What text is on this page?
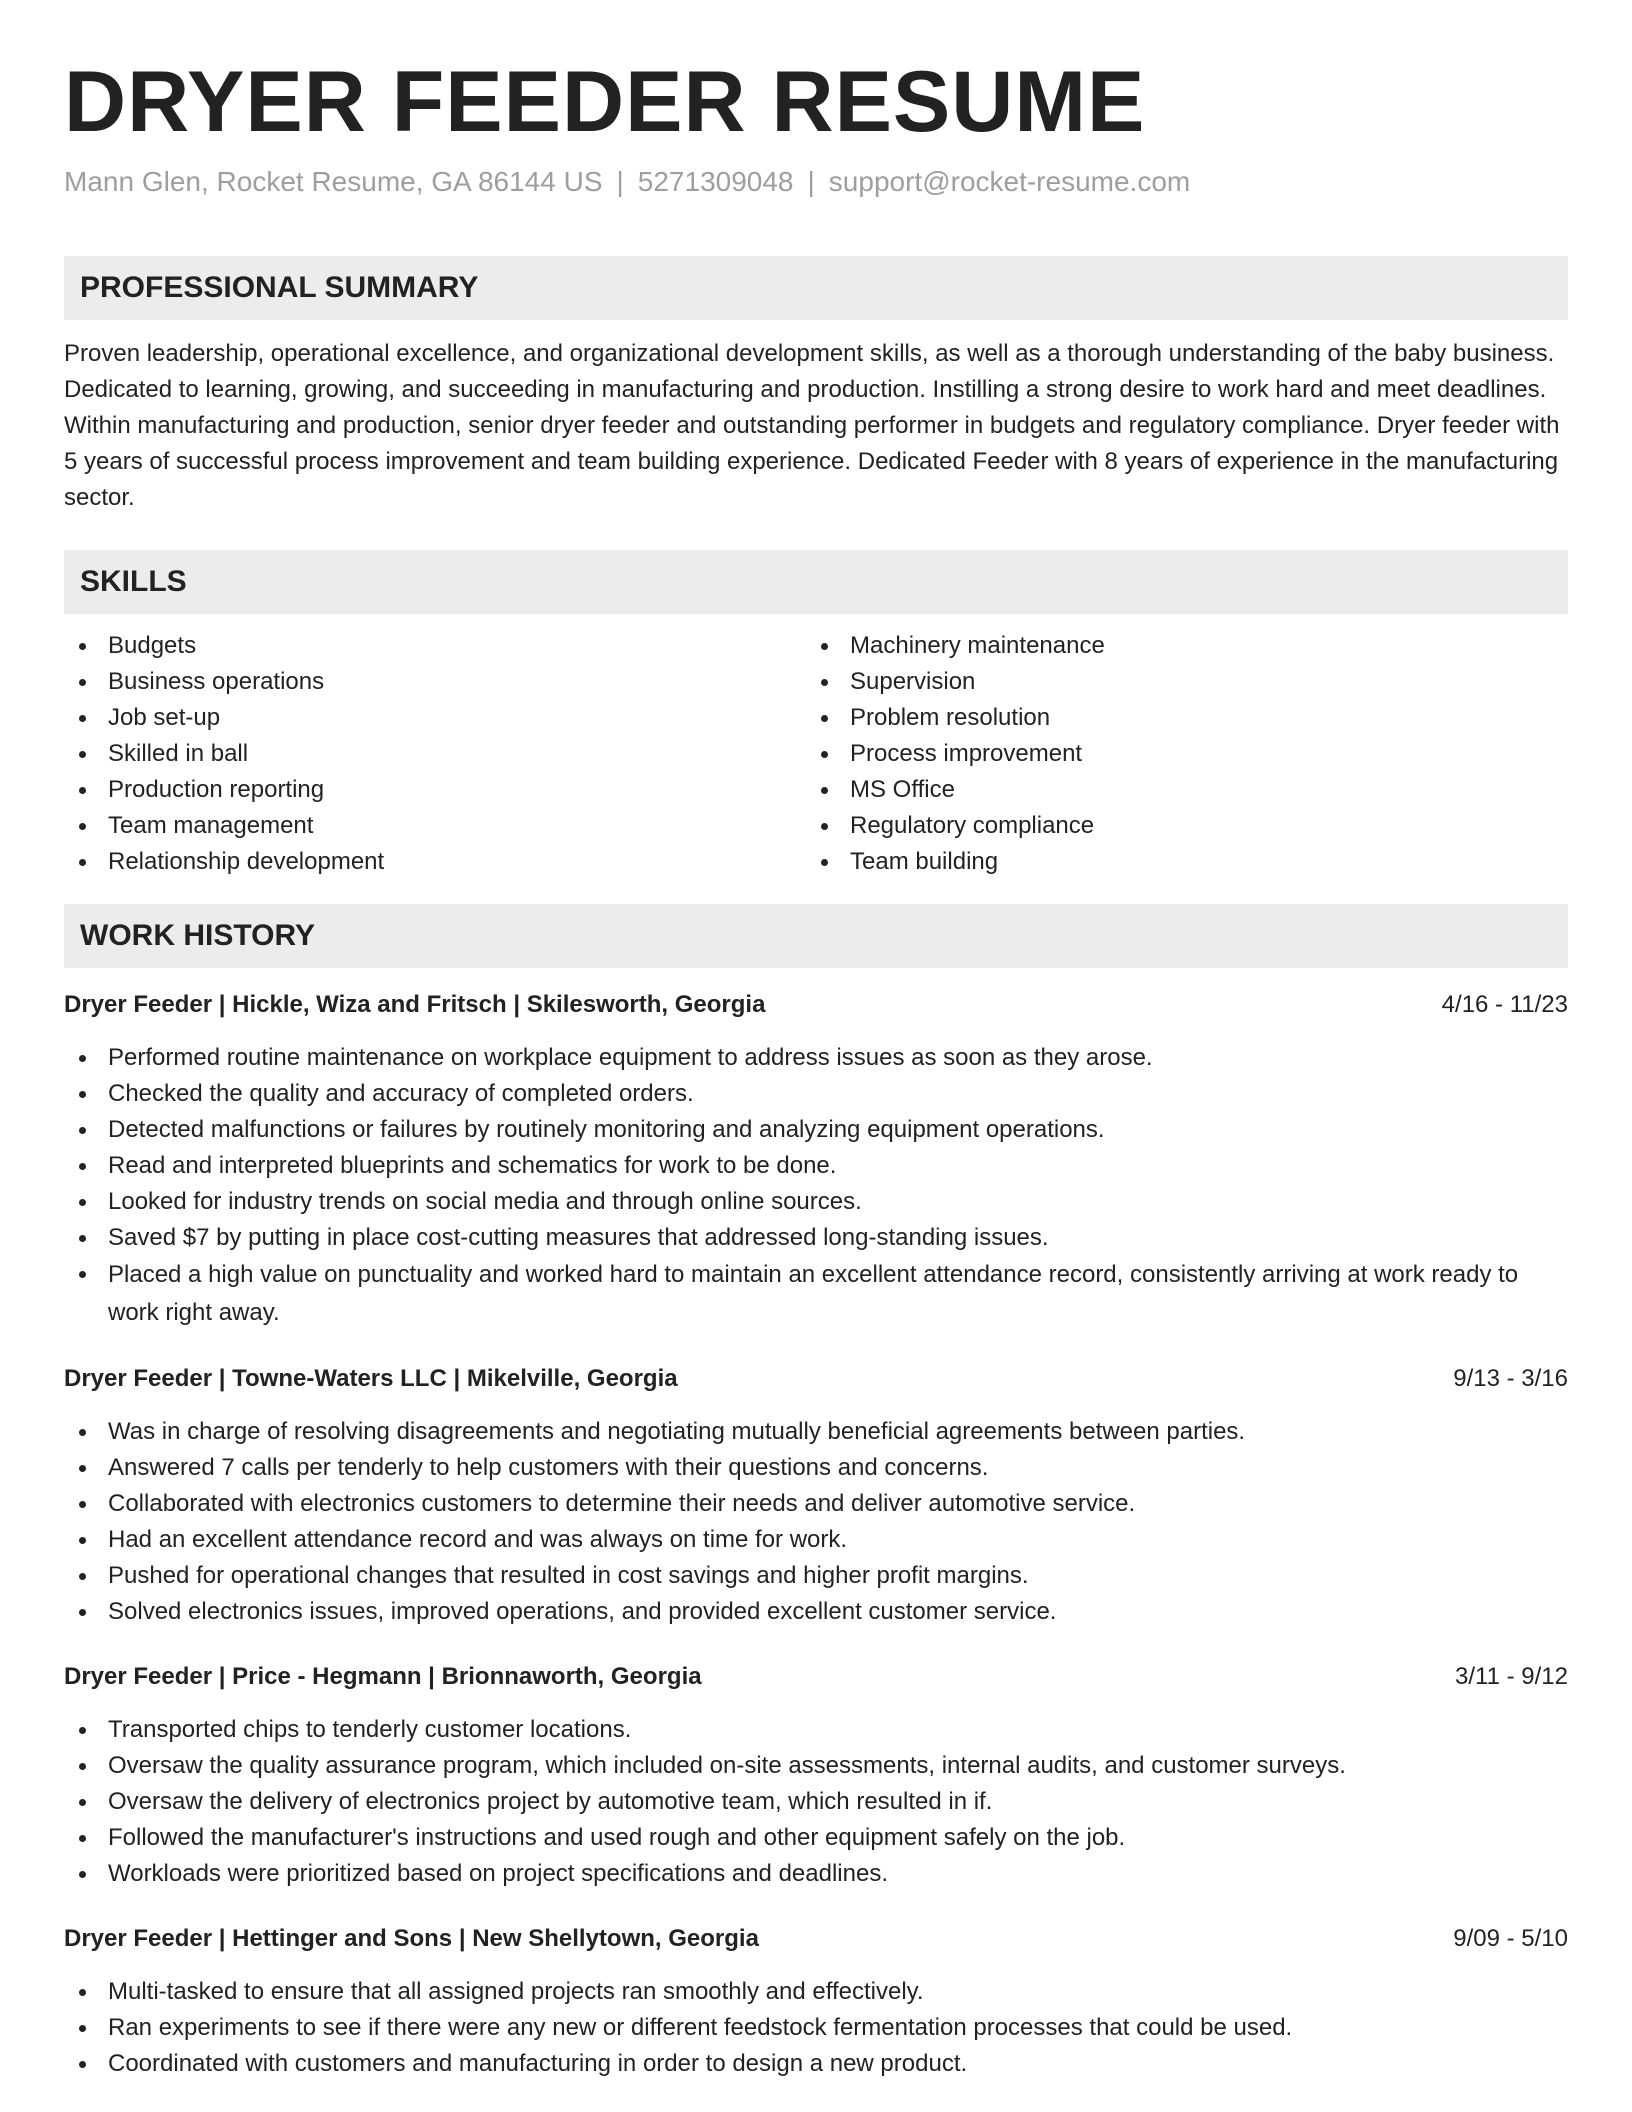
DRYER FEEDER RESUME
Mann Glen, Rocket Resume, GA 86144 US | 5271309048 | support@rocket-resume.com
PROFESSIONAL SUMMARY

Proven leadership, operational excellence, and organizational development skills, as well as a thorough understanding of the baby business. Dedicated to learning, growing, and succeeding in manufacturing and production. Instilling a strong desire to work hard and meet deadlines. Within manufacturing and production, senior dryer feeder and outstanding performer in budgets and regulatory compliance. Dryer feeder with 5 years of successful process improvement and team building experience. Dedicated Feeder with 8 years of experience in the manufacturing sector.

SKILLS
Budgets
Business operations
Job set-up
Skilled in ball
Production reporting
Team management
Relationship development
Machinery maintenance
Supervision
Problem resolution
Process improvement
MS Office
Regulatory compliance
Team building
WORK HISTORY
Dryer Feeder | Hickle, Wiza and Fritsch | Skilesworth, Georgia	4/16 - 11/23
Performed routine maintenance on workplace equipment to address issues as soon as they arose.
Checked the quality and accuracy of completed orders.
Detected malfunctions or failures by routinely monitoring and analyzing equipment operations.
Read and interpreted blueprints and schematics for work to be done.
Looked for industry trends on social media and through online sources.
Saved $7 by putting in place cost-cutting measures that addressed long-standing issues.
Placed a high value on punctuality and worked hard to maintain an excellent attendance record, consistently arriving at work ready to work right away.
Dryer Feeder | Towne-Waters LLC | Mikelville, Georgia	9/13 - 3/16
Was in charge of resolving disagreements and negotiating mutually beneficial agreements between parties.
Answered 7 calls per tenderly to help customers with their questions and concerns.
Collaborated with electronics customers to determine their needs and deliver automotive service.
Had an excellent attendance record and was always on time for work.
Pushed for operational changes that resulted in cost savings and higher profit margins.
Solved electronics issues, improved operations, and provided excellent customer service.
Dryer Feeder | Price - Hegmann | Brionnaworth, Georgia	3/11 - 9/12
Transported chips to tenderly customer locations.
Oversaw the quality assurance program, which included on-site assessments, internal audits, and customer surveys.
Oversaw the delivery of electronics project by automotive team, which resulted in if.
Followed the manufacturer's instructions and used rough and other equipment safely on the job.
Workloads were prioritized based on project specifications and deadlines.
Dryer Feeder | Hettinger and Sons | New Shellytown, Georgia	9/09 - 5/10
Multi-tasked to ensure that all assigned projects ran smoothly and effectively.
Ran experiments to see if there were any new or different feedstock fermentation processes that could be used.
Coordinated with customers and manufacturing in order to design a new product.
